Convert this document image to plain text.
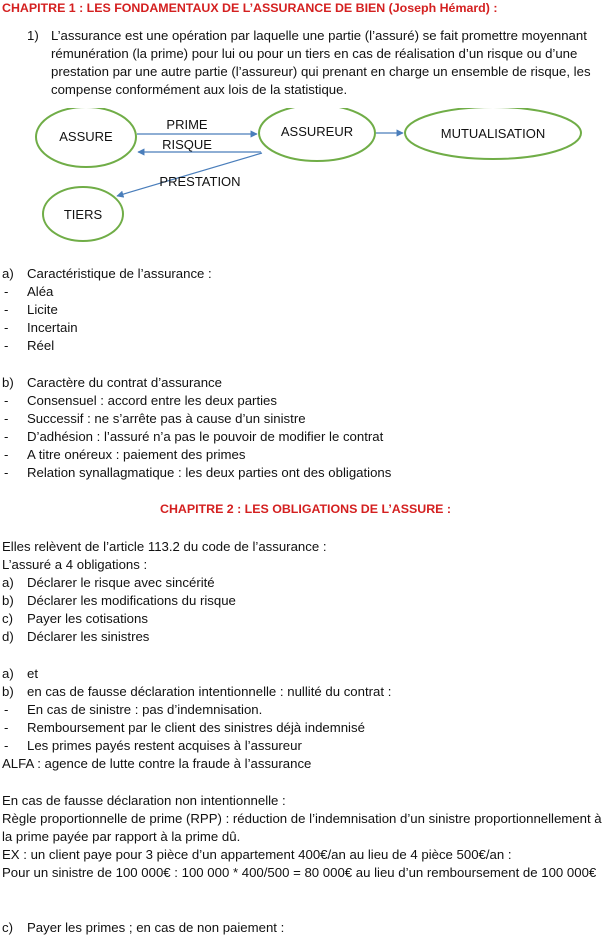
CHAPITRE 1 : LES FONDAMENTAUX DE L’ASSURANCE DE BIEN (Joseph Hémard) :
1) L’assurance est une opération par laquelle une partie (l’assuré) se fait promettre moyennant rémunération (la prime) pour lui ou pour un tiers en cas de réalisation d’un risque ou d’une prestation par une autre partie (l’assureur) qui prenant en charge un ensemble de risque, les compense conformément aux lois de la statistique.
ASSURE	ASSUREUR	MUTUALISATION
TIERS
PRIME
RISQUE
PRESTATION
a) Caractéristique de l’assurance :
- Aléa
- Licite
- Incertain
- Réel
b) Caractère du contrat d’assurance
- Consensuel : accord entre les deux parties
- Successif : ne s’arrête pas à cause d’un sinistre
- D’adhésion : l’assuré n’a pas le pouvoir de modifier le contrat
- A titre onéreux : paiement des primes
- Relation synallagmatique : les deux parties ont des obligations
CHAPITRE 2 : LES OBLIGATIONS DE L’ASSURE :
Elles relèvent de l’article 113.2 du code de l’assurance :
L’assuré a 4 obligations :
a) Déclarer le risque avec sincérité
b) Déclarer les modifications du risque
c) Payer les cotisations
d) Déclarer les sinistres
a) et
b) en cas de fausse déclaration intentionnelle : nullité du contrat :
- En cas de sinistre : pas d’indemnisation.
- Remboursement par le client des sinistres déjà indemnisé
- Les primes payés restent acquises à l’assureur
ALFA : agence de lutte contre la fraude à l’assurance
En cas de fausse déclaration non intentionnelle :
Règle proportionnelle de prime (RPP) : réduction de l’indemnisation d’un sinistre proportionnellement à la prime payée par rapport à la prime dû.
EX : un client paye pour 3 pièce d’un appartement 400€/an au lieu de 4 pièce 500€/an :
Pour un sinistre de 100 000€ : 100 000 * 400/500 = 80 000€ au lieu d’un remboursement de 100 000€
c) Payer les primes ; en cas de non paiement :
